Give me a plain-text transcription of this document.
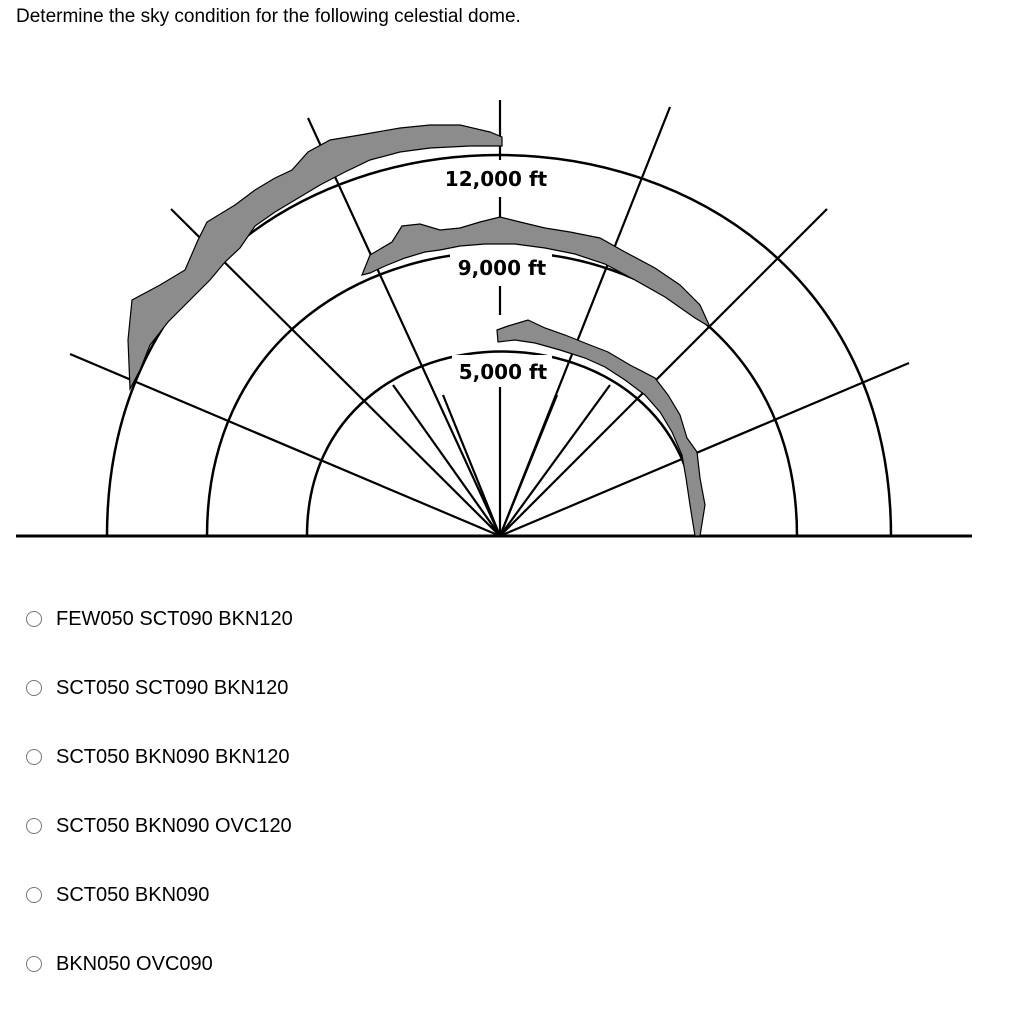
Determine the sky condition for the following celestial dome.
12,000 ft
9,000 ft
5,000 ft
FEW050 SCT090 BKN120
SCT050 SCT090 BKN120
SCT050 BKN090 BKN120
SCT050 BKN090 OVC120
SCT050 BKN090
BKN050 OVC090
